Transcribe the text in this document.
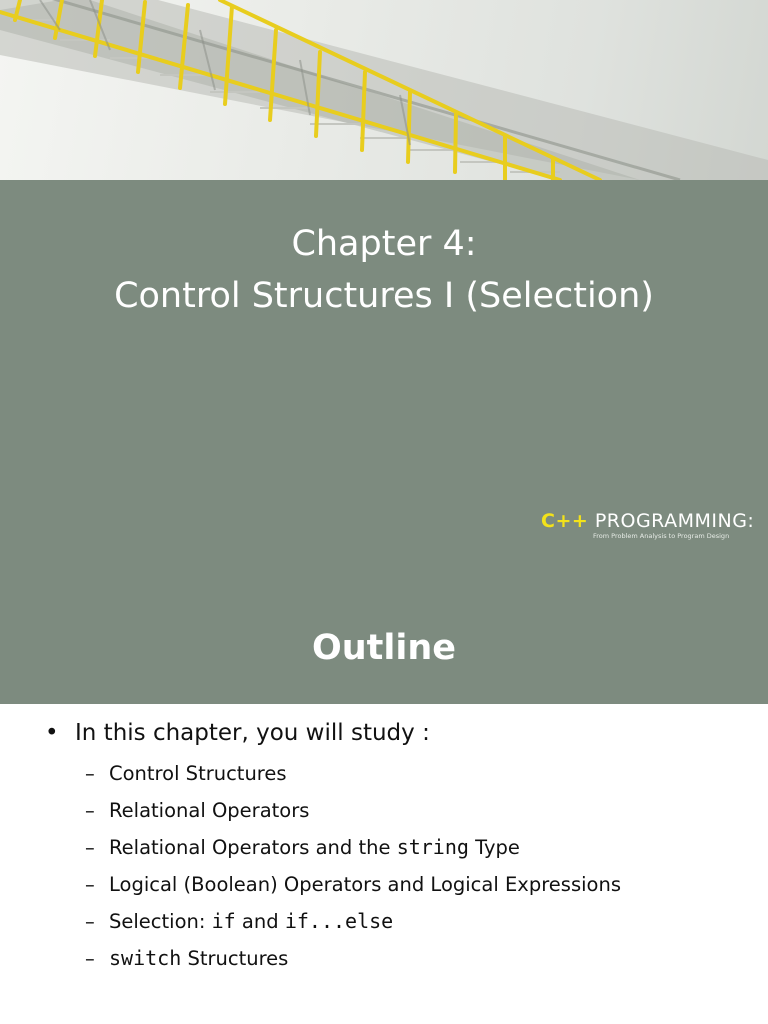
Chapter 4:
Control Structures I (Selection)
C++ PROGRAMMING:
From Problem Analysis to Program Design
Outline
• In this chapter, you will study :
– Control Structures
– Relational Operators
– Relational Operators and the string Type
– Logical (Boolean) Operators and Logical Expressions
– Selection: if and if...else
– switch Structures
